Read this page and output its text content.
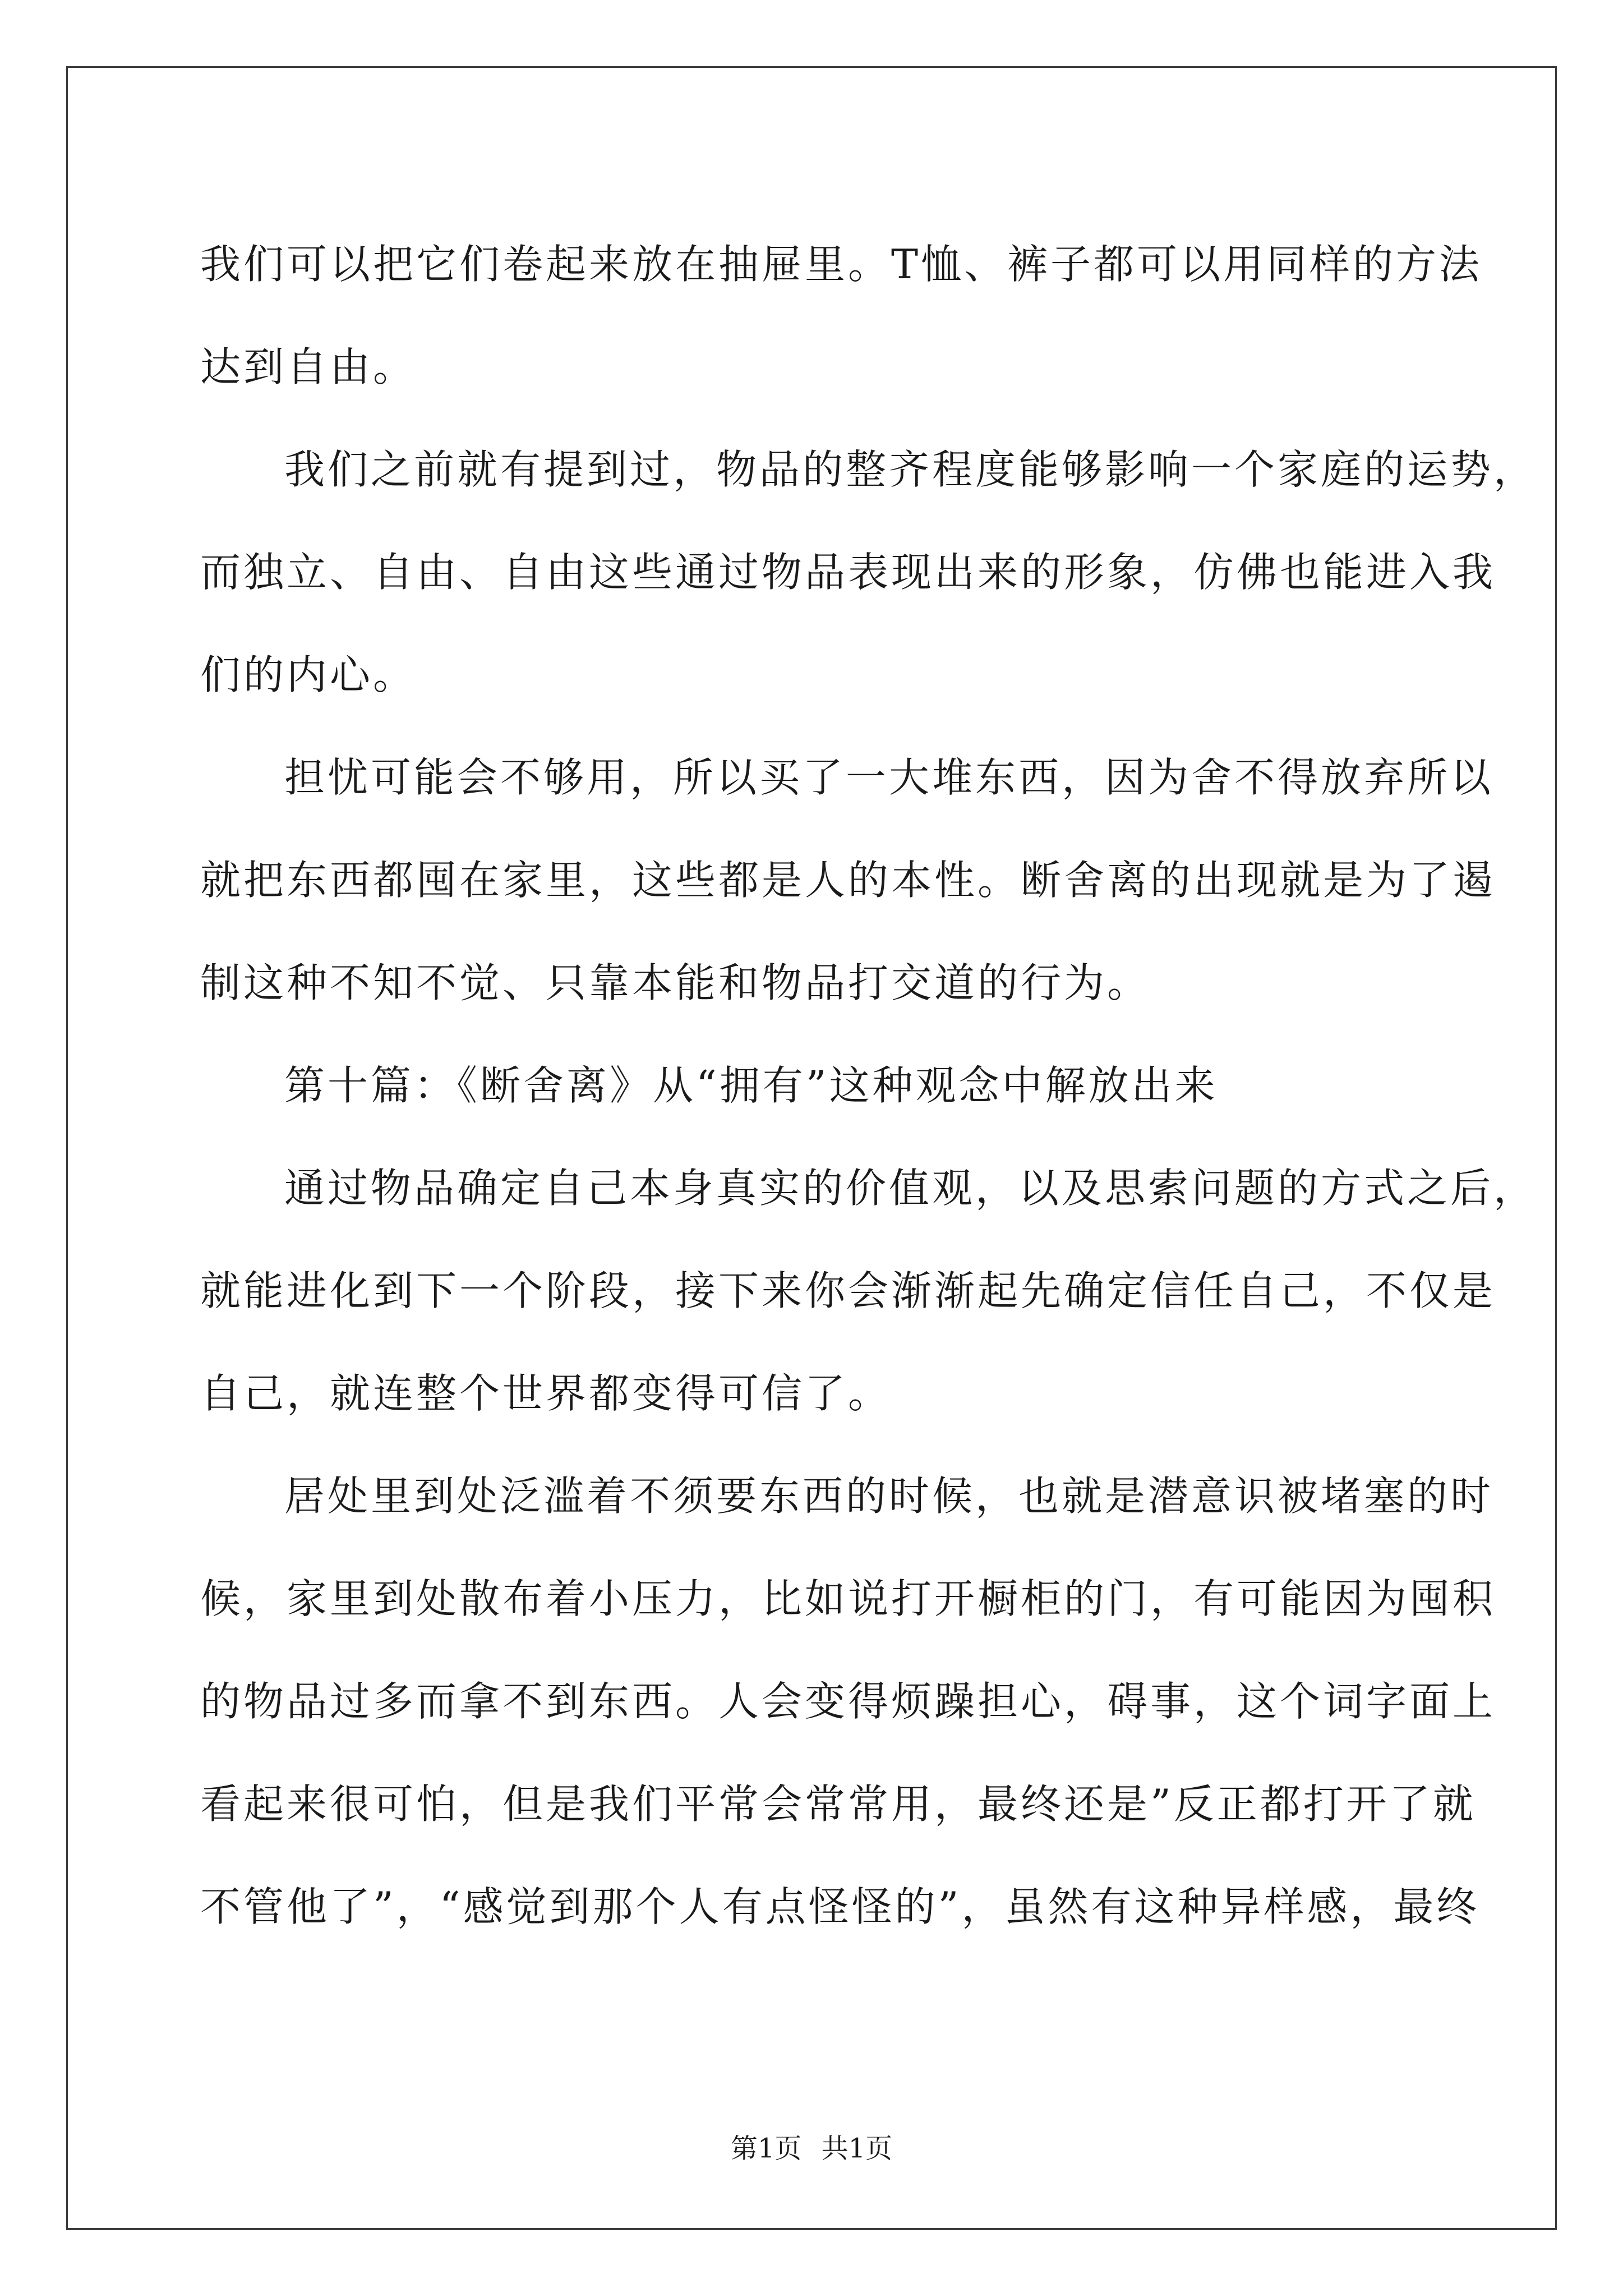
我们可以把它们卷起来放在抽屉里。T恤、裤子都可以用同样的方法
达到自由。
我们之前就有提到过，物品的整齐程度能够影响一个家庭的运势，
而独立、自由、自由这些通过物品表现出来的形象，仿佛也能进入我
们的内心。
担忧可能会不够用，所以买了一大堆东西，因为舍不得放弃所以
就把东西都囤在家里，这些都是人的本性。断舍离的出现就是为了遏
制这种不知不觉、只靠本能和物品打交道的行为。
第十篇：《断舍离》从“拥有”这种观念中解放出来
通过物品确定自己本身真实的价值观，以及思索问题的方式之后，
就能进化到下一个阶段，接下来你会渐渐起先确定信任自己，不仅是
自己，就连整个世界都变得可信了。
居处里到处泛滥着不须要东西的时候，也就是潜意识被堵塞的时
候，家里到处散布着小压力，比如说打开橱柜的门，有可能因为囤积
的物品过多而拿不到东西。人会变得烦躁担心，碍事，这个词字面上
看起来很可怕，但是我们平常会常常用，最终还是”反正都打开了就
不管他了”，“感觉到那个人有点怪怪的”，虽然有这种异样感，最终
第1页 共1页
